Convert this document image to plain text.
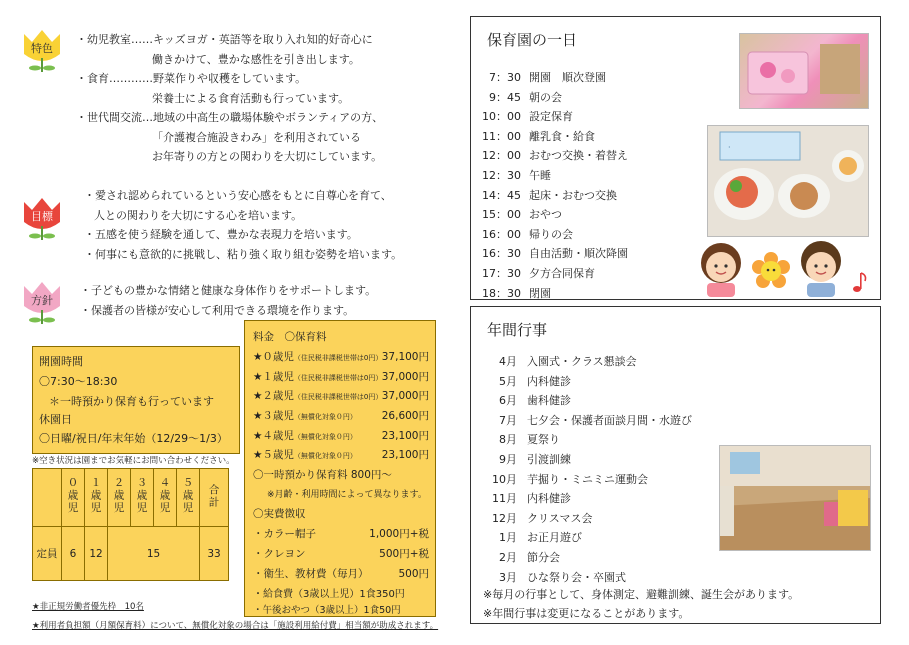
特色
・幼児教室……キッズヨガ・英語等を取り入れ知的好奇心に
働きかけて、豊かな感性を引き出します。
・食育…………野菜作りや収穫をしています。
栄養士による食育活動も行っています。
・世代間交流…地域の中高生の職場体験やボランティアの方、
「介護複合施設きわみ」を利用されている
お年寄りの方との関わりを大切にしています。
目標
・愛され認められているという安心感をもとに自尊心を育て、
人との関わりを大切にする心を培います。
・五感を使う経験を通して、豊かな表現力を培います。
・何事にも意欲的に挑戦し、粘り強く取り組む姿勢を培います。
方針
・子どもの豊かな情緒と健康な身体作りをサポートします。
・保護者の皆様が安心して利用できる環境を作ります。
開園時間
〇7:30～18:30
＊一時預かり保育も行っています
休園日
〇日曜/祝日/年末年始（12/29～1/3）
※空き状況は園までお気軽にお問い合わせください。
	０歳児	１歳児	２歳児	３歳児	４歳児	５歳児	合計
定員	6	12	15				33
★非正規労働者優先枠　10名
★利用者負担額（月額保育料）について、無償化対象の場合は「施設利用給付費」相当額が助成されます。
料金　〇保育料
★０歳児（住民税非課税世帯は0円） 37,100円
★１歳児（住民税非課税世帯は0円） 37,000円
★２歳児（住民税非課税世帯は0円） 37,000円
★３歳児（無償化対象０円） 26,600円
★４歳児（無償化対象０円） 23,100円
★５歳児（無償化対象０円） 23,100円
〇一時預かり保育料 800円～
※月齢・利用時間によって異なります。
〇実費徴収
・カラー帽子	1,000円+税
・クレヨン	500円+税
・衛生、教材費（毎月）	500円
・給食費（3歳以上児）1食350円
・午後おやつ（3歳以上）1食50円
保育園の一日
7：30 開園　順次登園
9：45 朝の会
10：00 設定保育
11：00 離乳食・給食
12：00 おむつ交換・着替え
12：30 午睡
14：45 起床・おむつ交換
15：00 おやつ
16：00 帰りの会
16：30 自由活動・順次降園
17：30 夕方合同保育
18：30 閉園
·
年間行事
4月 入園式・クラス懇談会
5月 内科健診
6月 歯科健診
7月 七夕会・保護者面談月間・水遊び
8月 夏祭り
9月 引渡訓練
10月 芋掘り・ミニミニ運動会
11月 内科健診
12月 クリスマス会
1月 お正月遊び
2月 節分会
3月 ひな祭り会・卒園式
※毎月の行事として、身体測定、避難訓練、誕生会があります。
※年間行事は変更になることがあります。
